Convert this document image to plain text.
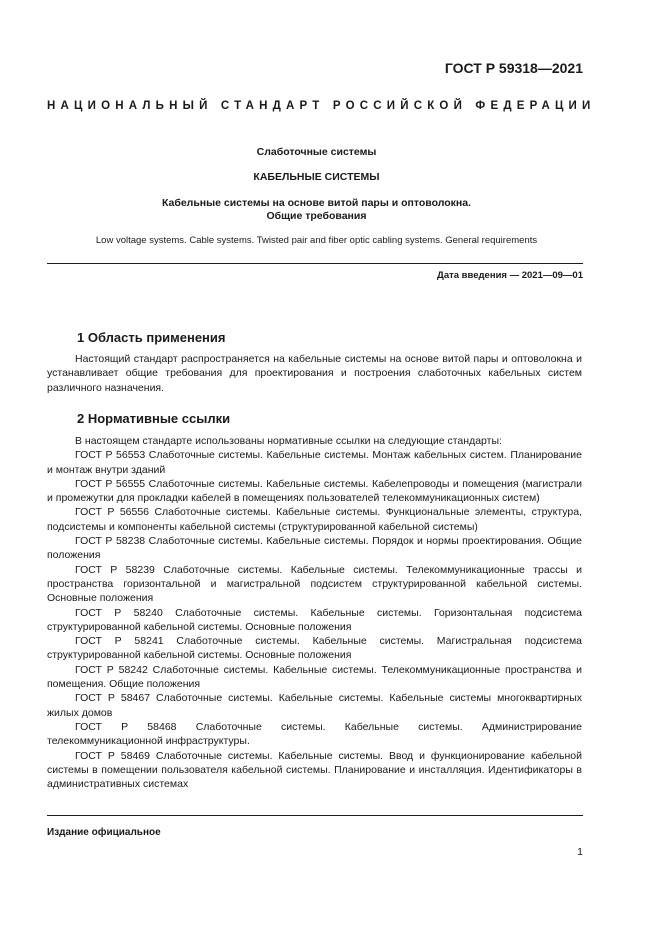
ГОСТ Р 59318—2021
НАЦИОНАЛЬНЫЙ СТАНДАРТ РОССИЙСКОЙ ФЕДЕРАЦИИ
Слаботочные системы
КАБЕЛЬНЫЕ СИСТЕМЫ
Кабельные системы на основе витой пары и оптоволокна.
Общие требования
Low voltage systems. Cable systems. Twisted pair and fiber optic cabling systems. General requirements
Дата введения — 2021—09—01
1 Область применения

Настоящий стандарт распространяется на кабельные системы на основе витой пары и оптоволокна и устанавливает общие требования для проектирования и построения слаботочных кабельных систем различного назначения.

2 Нормативные ссылки

В настоящем стандарте использованы нормативные ссылки на следующие стандарты:

ГОСТ Р 56553 Слаботочные системы. Кабельные системы. Монтаж кабельных систем. Планирование и монтаж внутри зданий

ГОСТ Р 56555 Слаботочные системы. Кабельные системы. Кабелепроводы и помещения (магистрали и промежутки для прокладки кабелей в помещениях пользователей телекоммуникационных систем)

ГОСТ Р 56556 Слаботочные системы. Кабельные системы. Функциональные элементы, структура, подсистемы и компоненты кабельной системы (структурированной кабельной системы)

ГОСТ Р 58238 Слаботочные системы. Кабельные системы. Порядок и нормы проектирования. Общие положения

ГОСТ Р 58239 Слаботочные системы. Кабельные системы. Телекоммуникационные трассы и пространства горизонтальной и магистральной подсистем структурированной кабельной системы. Основные положения

ГОСТ Р 58240 Слаботочные системы. Кабельные системы. Горизонтальная подсистема структурированной кабельной системы. Основные положения

ГОСТ Р 58241 Слаботочные системы. Кабельные системы. Магистральная подсистема структурированной кабельной системы. Основные положения

ГОСТ Р 58242 Слаботочные системы. Кабельные системы. Телекоммуникационные пространства и помещения. Общие положения

ГОСТ Р 58467 Слаботочные системы. Кабельные системы. Кабельные системы многоквартирных жилых домов

ГОСТ Р 58468 Слаботочные системы. Кабельные системы. Администрирование телекоммуникационной инфраструктуры.

ГОСТ Р 58469 Слаботочные системы. Кабельные системы. Ввод и функционирование кабельной системы в помещении пользователя кабельной системы. Планирование и инсталляция. Идентификаторы в административных системах

Издание официальное
1
